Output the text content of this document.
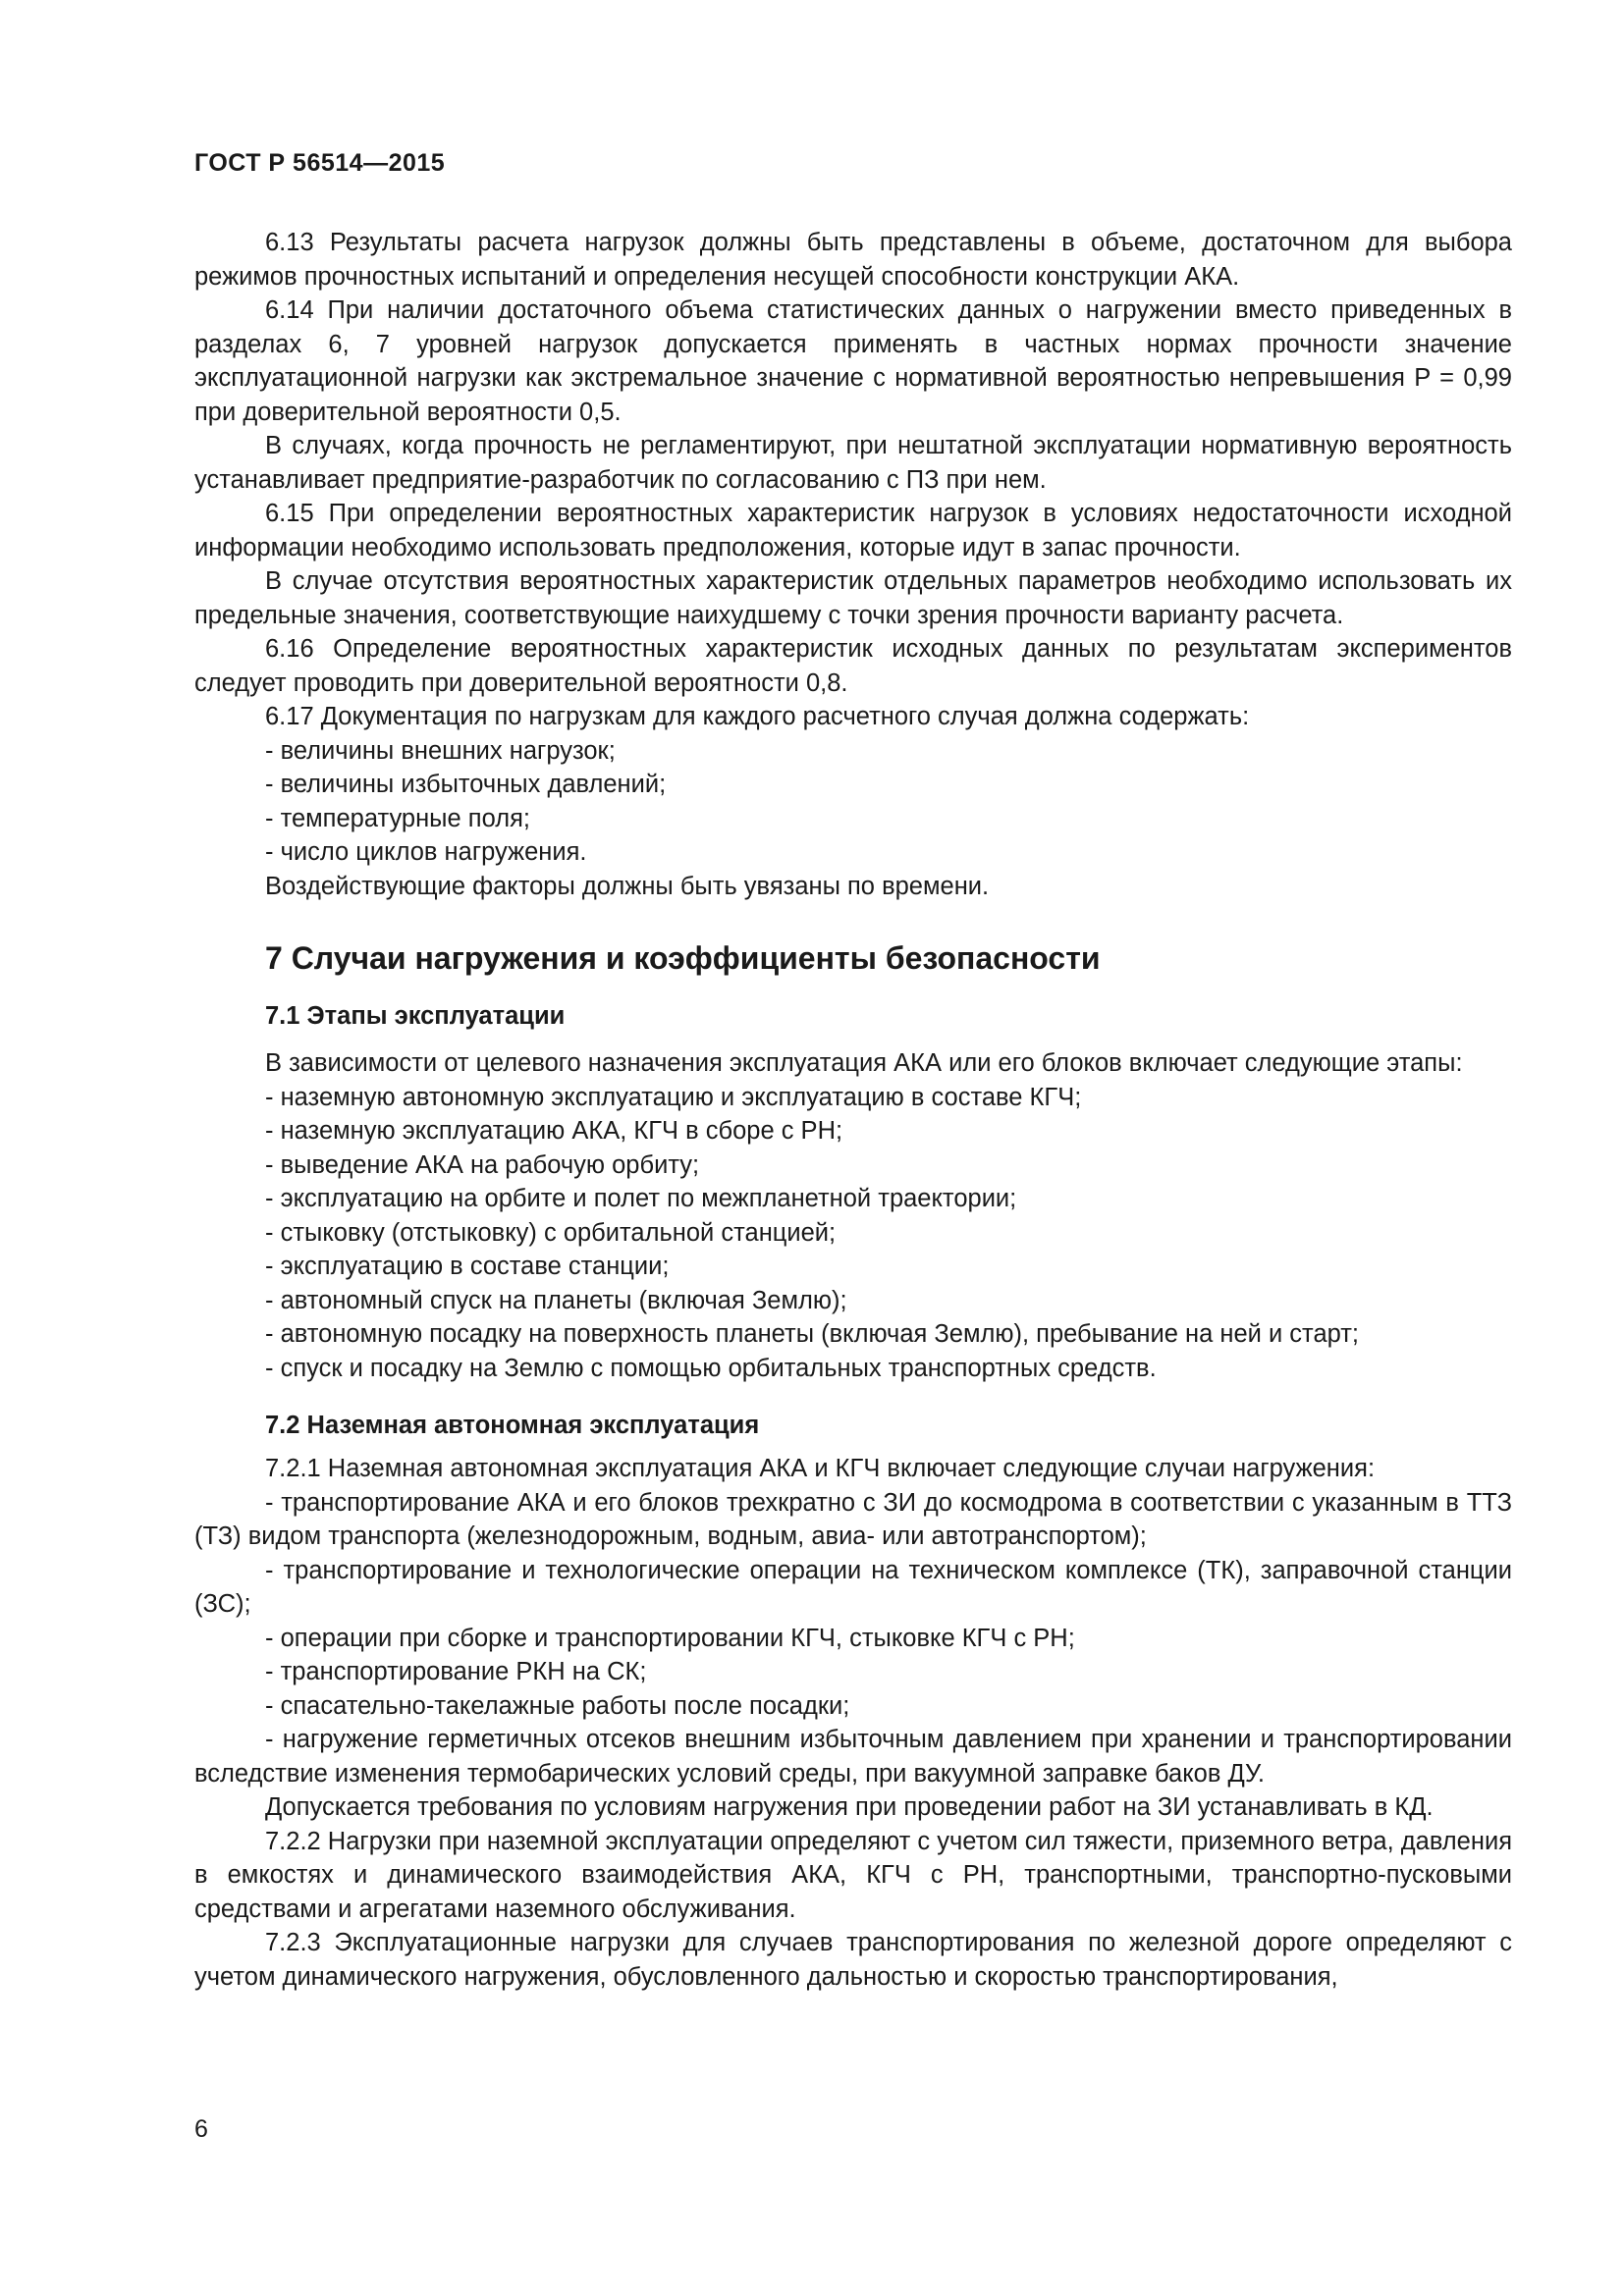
ГОСТ Р 56514—2015

6.13 Результаты расчета нагрузок должны быть представлены в объеме, достаточном для выбора режимов прочностных испытаний и определения несущей способности конструкции АКА.

6.14 При наличии достаточного объема статистических данных о нагружении вместо приведенных в разделах 6, 7 уровней нагрузок допускается применять в частных нормах прочности значение эксплуатационной нагрузки как экстремальное значение с нормативной вероятностью непревышения P = 0,99 при доверительной вероятности 0,5.

В случаях, когда прочность не регламентируют, при нештатной эксплуатации нормативную вероятность устанавливает предприятие-разработчик по согласованию с ПЗ при нем.

6.15 При определении вероятностных характеристик нагрузок в условиях недостаточности исходной информации необходимо использовать предположения, которые идут в запас прочности.

В случае отсутствия вероятностных характеристик отдельных параметров необходимо использовать их предельные значения, соответствующие наихудшему с точки зрения прочности варианту расчета.

6.16 Определение вероятностных характеристик исходных данных по результатам экспериментов следует проводить при доверительной вероятности 0,8.

6.17 Документация по нагрузкам для каждого расчетного случая должна содержать:

- величины внешних нагрузок;

- величины избыточных давлений;

- температурные поля;

- число циклов нагружения.

Воздействующие факторы должны быть увязаны по времени.

7 Случаи нагружения и коэффициенты безопасности
7.1 Этапы эксплуатации

В зависимости от целевого назначения эксплуатация АКА или его блоков включает следующие этапы:

- наземную автономную эксплуатацию и эксплуатацию в составе КГЧ;

- наземную эксплуатацию АКА, КГЧ в сборе с РН;

- выведение АКА на рабочую орбиту;

- эксплуатацию на орбите и полет по межпланетной траектории;

- стыковку (отстыковку) с орбитальной станцией;

- эксплуатацию в составе станции;

- автономный спуск на планеты (включая Землю);

- автономную посадку на поверхность планеты (включая Землю), пребывание на ней и старт;

- спуск и посадку на Землю с помощью орбитальных транспортных средств.

7.2 Наземная автономная эксплуатация

7.2.1 Наземная автономная эксплуатация АКА и КГЧ включает следующие случаи нагружения:

- транспортирование АКА и его блоков трехкратно с ЗИ до космодрома в соответствии с указанным в ТТЗ (ТЗ) видом транспорта (железнодорожным, водным, авиа- или автотранспортом);

- транспортирование и технологические операции на техническом комплексе (ТК), заправочной станции (ЗС);

- операции при сборке и транспортировании КГЧ, стыковке КГЧ с РН;

- транспортирование РКН на СК;

- спасательно-такелажные работы после посадки;

- нагружение герметичных отсеков внешним избыточным давлением при хранении и транспортировании вследствие изменения термобарических условий среды, при вакуумной заправке баков ДУ.

Допускается требования по условиям нагружения при проведении работ на ЗИ устанавливать в КД.

7.2.2 Нагрузки при наземной эксплуатации определяют с учетом сил тяжести, приземного ветра, давления в емкостях и динамического взаимодействия АКА, КГЧ с РН, транспортными, транспортно-пусковыми средствами и агрегатами наземного обслуживания.

7.2.3 Эксплуатационные нагрузки для случаев транспортирования по железной дороге определяют с учетом динамического нагружения, обусловленного дальностью и скоростью транспортирования,

6
